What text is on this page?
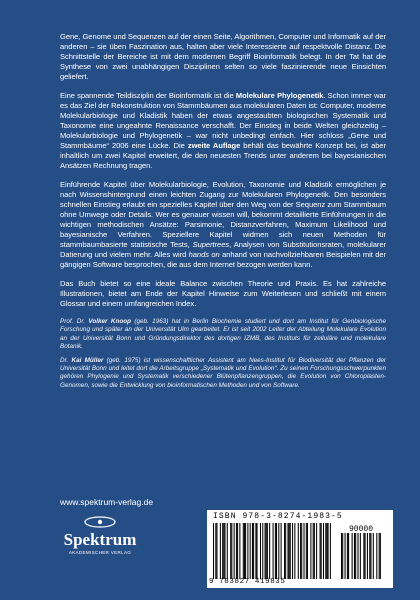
Gene, Genome und Sequenzen auf der einen Seite, Algorithmen, Computer und Informatik auf der anderen – sie üben Faszination aus, halten aber viele Interessierte auf respektvolle Distanz. Die Schnittstelle der Bereiche ist mit dem modernen Begriff Bioinformatik belegt. In der Tat hat die Synthese von zwei unabhängigen Disziplinen selten so viele faszinierende neue Einsichten geliefert.

Eine spannende Teildisziplin der Bioinformatik ist die Molekulare Phylogenetik. Schon immer war es das Ziel der Rekonstruktion von Stammbäumen aus molekularen Daten ist: Computer, moderne Molekularbiologie und Kladistik haben der etwas angestaubten biologischen Systematik und Taxonomie eine ungeahnte Renaissance verschafft. Der Einstieg in beide Welten gleichzeitig – Molekularbiologie und Phylogenetik – war nicht unbedingt einfach. Hier schloss „Gene und Stammbäume“ 2006 eine Lücke. Die zweite Auflage behält das bewährte Konzept bei, ist aber inhaltlich um zwei Kapitel erweitert, die den neuesten Trends unter anderem bei bayesianischen Ansätzen Rechnung tragen.

Einführende Kapitel über Molekularbiologie, Evolution, Taxonomie und Kladistik ermöglichen je nach Wissenshintergrund einen leichten Zugang zur Molekularen Phylogenetik. Den besonders schnellen Einstieg erlaubt ein spezielles Kapitel über den Weg von der Sequenz zum Stammbaum ohne Umwege oder Details. Wer es genauer wissen will, bekommt detaillierte Einführungen in die wichtigen methodischen Ansätze: Parsimonie, Distanzverfahren, Maximum Likelihood und bayesianische Verfahren. Speziellere Kapitel widmen sich neuen Methoden für stammbaumbasierte statistische Tests, Supertrees, Analysen von Substitutionsraten, molekularer Datierung und vielem mehr. Alles wird hands on anhand von nachvollziehbaren Beispielen mit der gängigen Software besprochen, die aus dem Internet bezogen werden kann.

Das Buch bietet so eine ideale Balance zwischen Theorie und Praxis. Es hat zahlreiche Illustrationen, bietet am Ende der Kapitel Hinweise zum Weiterlesen und schließt mit einem Glossar und einem umfangreichen Index.

Prof. Dr. Volker Knoop (geb. 1963) hat in Berlin Biochemie studiert und dort am Institut für Genbiologische Forschung und später an der Universität Ulm gearbeitet. Er ist seit 2002 Leiter der Abteilung Molekulare Evolution an der Universität Bonn und Gründungsdirektor des dortigen IZMB, des Instituts für zelluläre und molekulare Botanik.

Dr. Kai Müller (geb. 1975) ist wissenschaftlicher Assistent am Nees-Institut für Biodiversität der Pflanzen der Universität Bonn und leitet dort die Arbeitsgruppe „Systematik und Evolution“. Zu seinen Forschungsschwerpunkten gehören Phylogenie und Systematik verschiedener Blütenpflanzengruppen, die Evolution von Chloroplasten-Genomen, sowie die Entwicklung von bioinformatischen Methoden und von Software.

www.spektrum-verlag.de
Spektrum
AKADEMISCHER VERLAG
ISBN 978-3-8274-1983-5
90000
9 783827 419835
